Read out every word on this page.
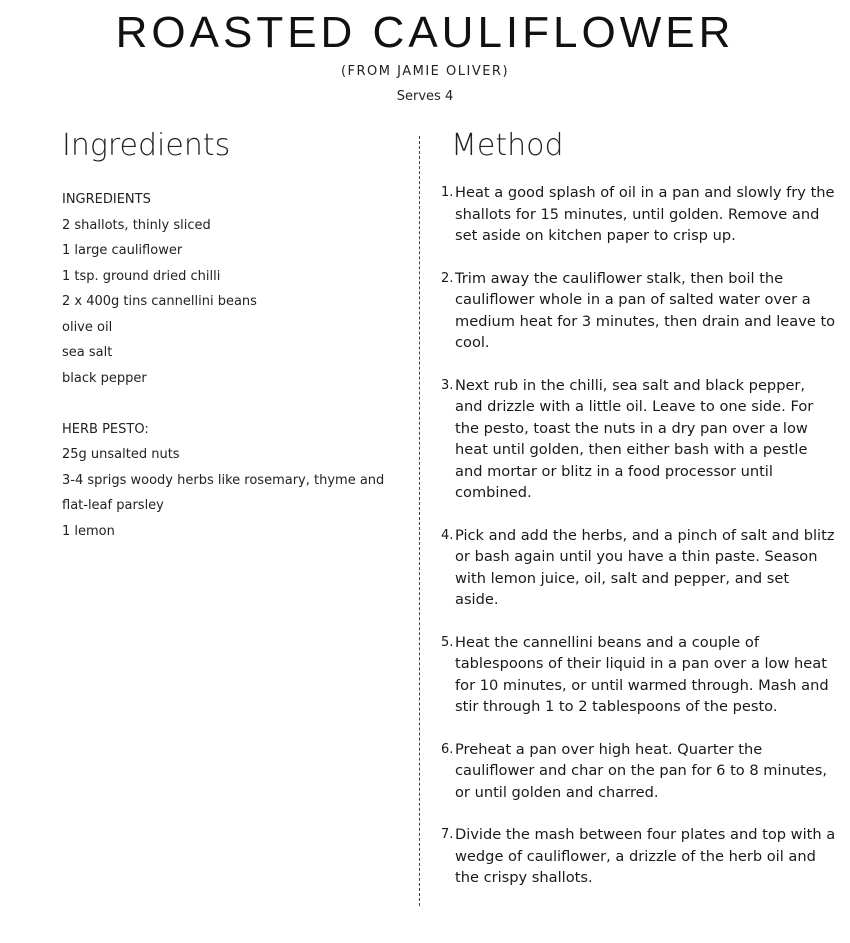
ROASTED CAULIFLOWER
(FROM JAMIE OLIVER)
Serves 4
Ingredients	Method
INGREDIENTS
2 shallots, thinly sliced
1 large cauliflower
1 tsp. ground dried chilli
2 x 400g tins cannellini beans
olive oil
sea salt
black pepper
HERB PESTO:
25g unsalted nuts
3-4 sprigs woody herbs like rosemary, thyme and
flat-leaf parsley
1 lemon
1. Heat a good splash of oil in a pan and slowly fry the shallots for 15 minutes, until golden. Remove and set aside on kitchen paper to crisp up.
2. Trim away the cauliflower stalk, then boil the cauliflower whole in a pan of salted water over a medium heat for 3 minutes, then drain and leave to cool.
3. Next rub in the chilli, sea salt and black pepper, and drizzle with a little oil. Leave to one side. For the pesto, toast the nuts in a dry pan over a low heat until golden, then either bash with a pestle and mortar or blitz in a food processor until combined.
4. Pick and add the herbs, and a pinch of salt and blitz or bash again until you have a thin paste. Season with lemon juice, oil, salt and pepper, and set aside.
5. Heat the cannellini beans and a couple of tablespoons of their liquid in a pan over a low heat for 10 minutes, or until warmed through. Mash and stir through 1 to 2 tablespoons of the pesto.
6. Preheat a pan over high heat. Quarter the cauliflower and char on the pan for 6 to 8 minutes, or until golden and charred.
7. Divide the mash between four plates and top with a wedge of cauliflower, a drizzle of the herb oil and the crispy shallots.
